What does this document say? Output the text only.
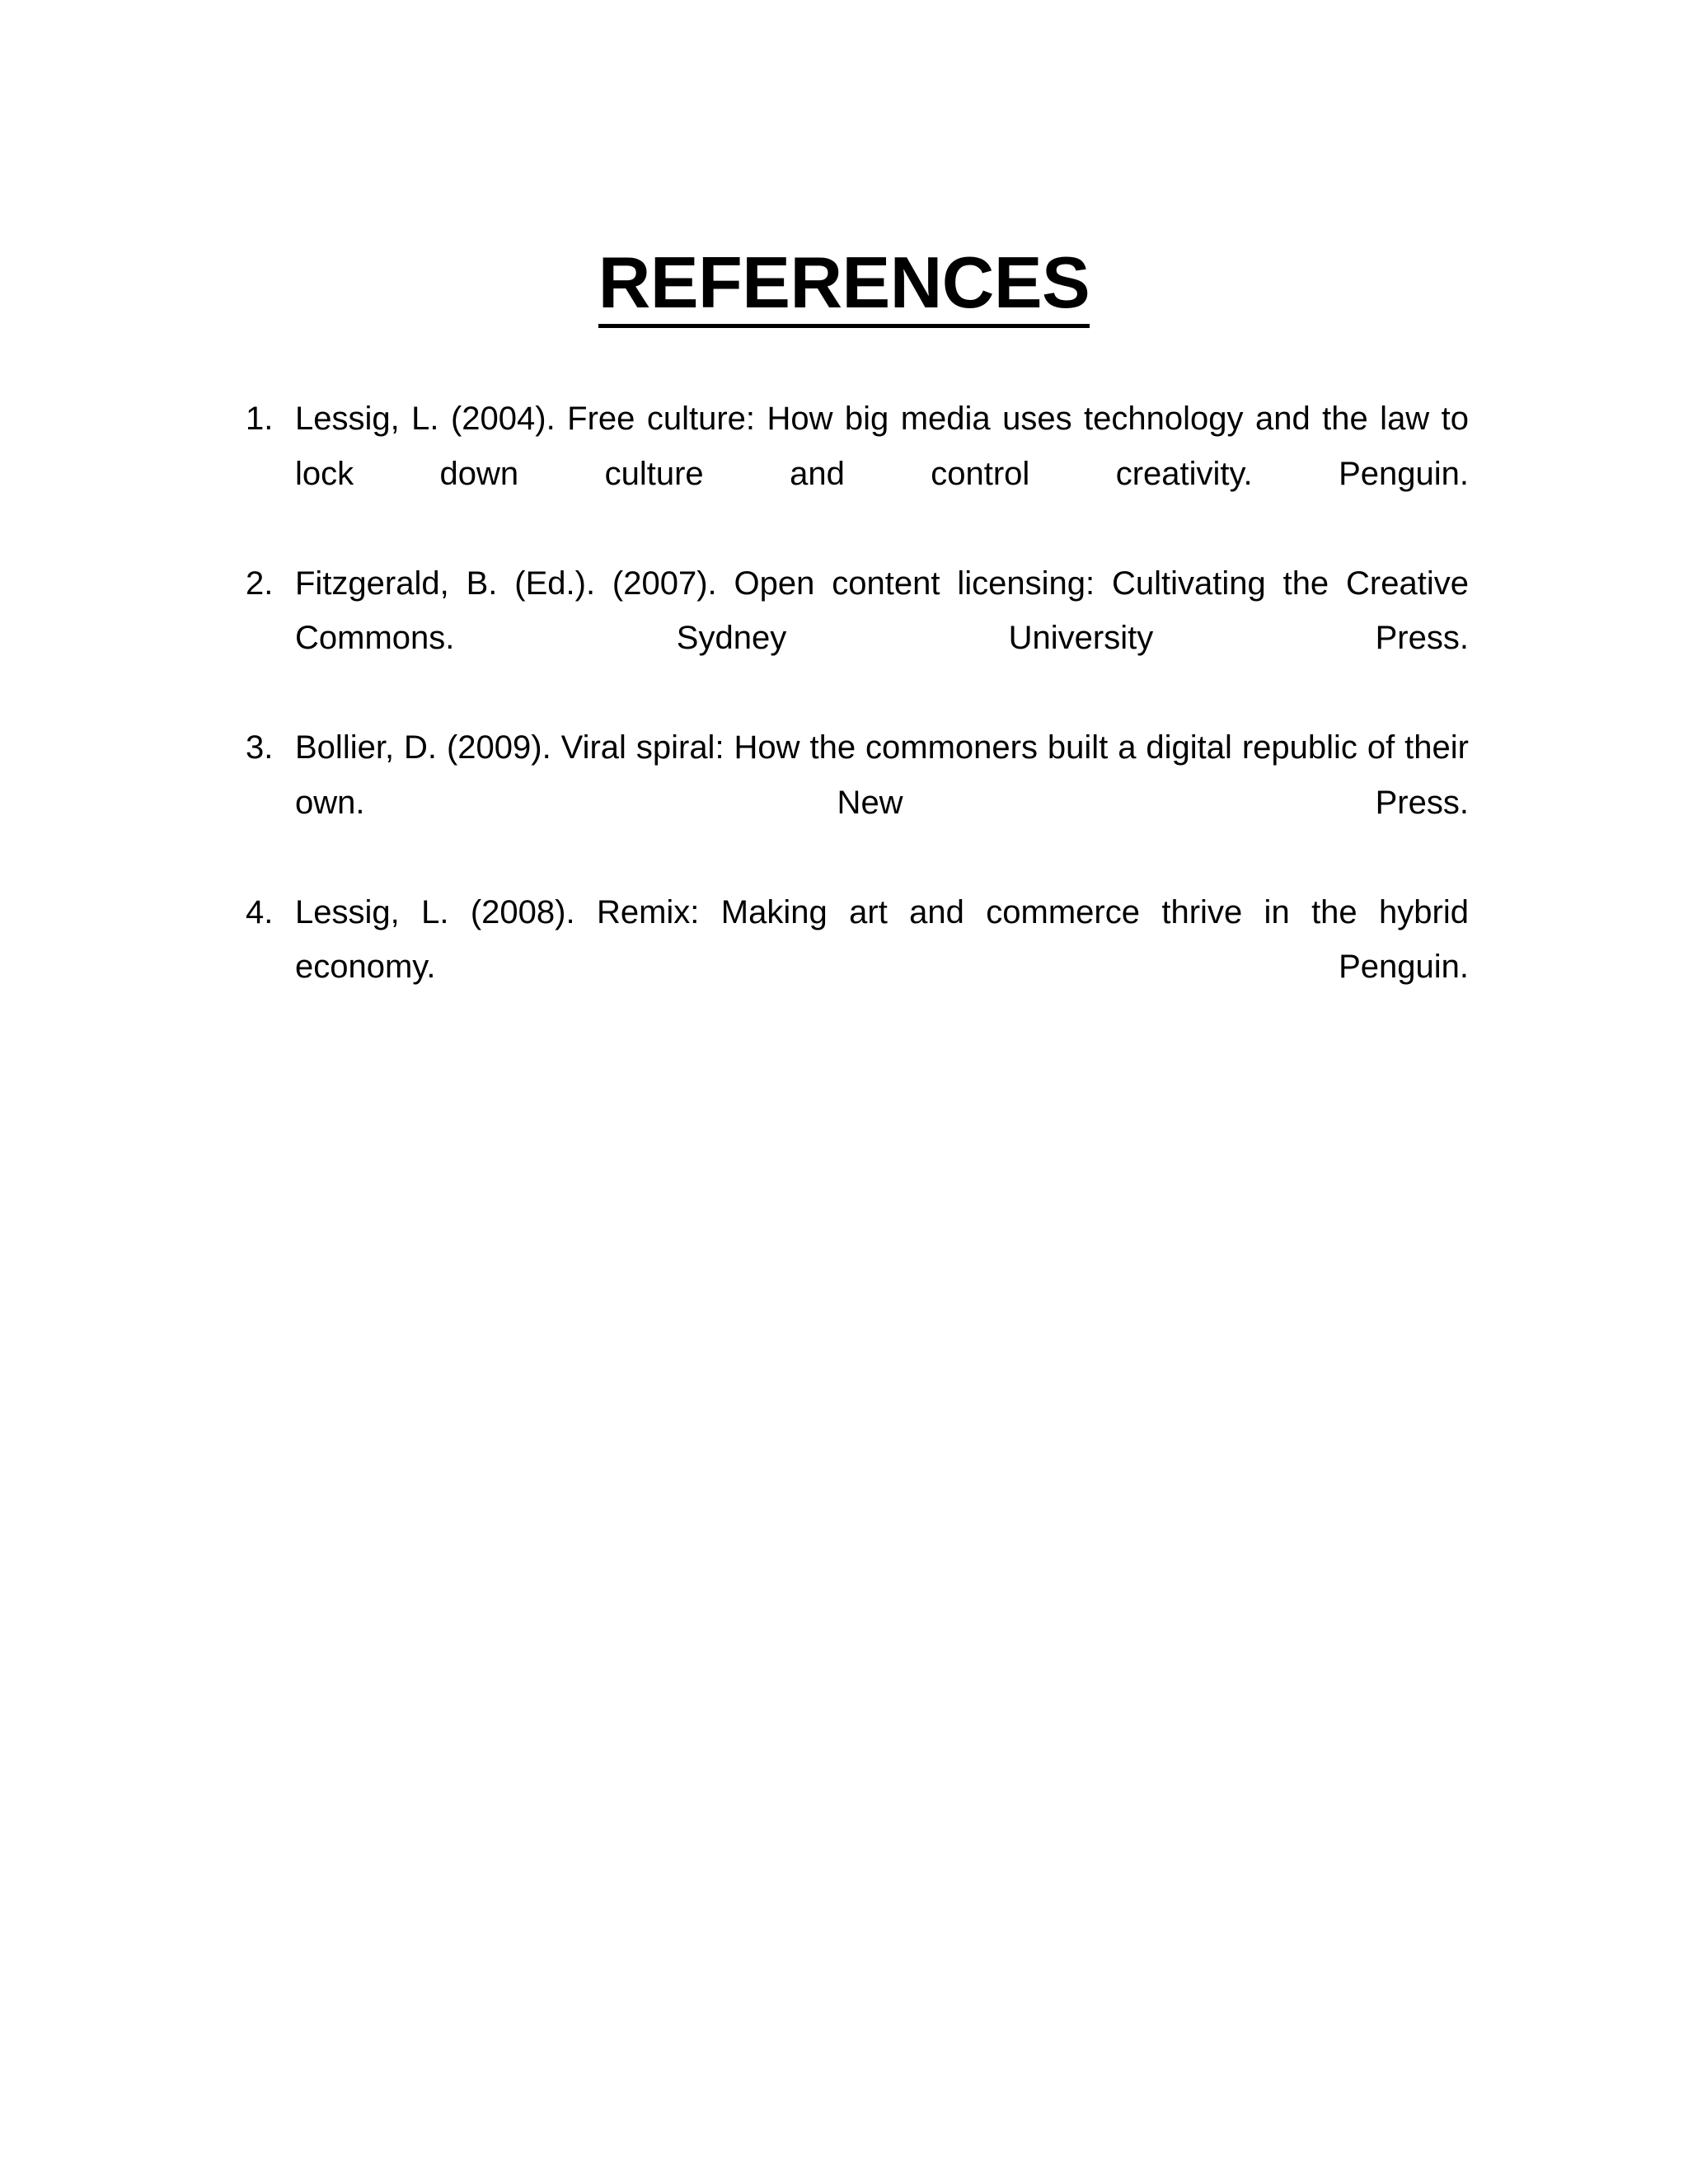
REFERENCES
1. Lessig, L. (2004). Free culture: How big media uses technology and the law to lock down culture and control creativity. Penguin.
2. Fitzgerald, B. (Ed.). (2007). Open content licensing: Cultivating the Creative Commons. Sydney University Press.
3. Bollier, D. (2009). Viral spiral: How the commoners built a digital republic of their own. New Press.
4. Lessig, L. (2008). Remix: Making art and commerce thrive in the hybrid economy. Penguin.
